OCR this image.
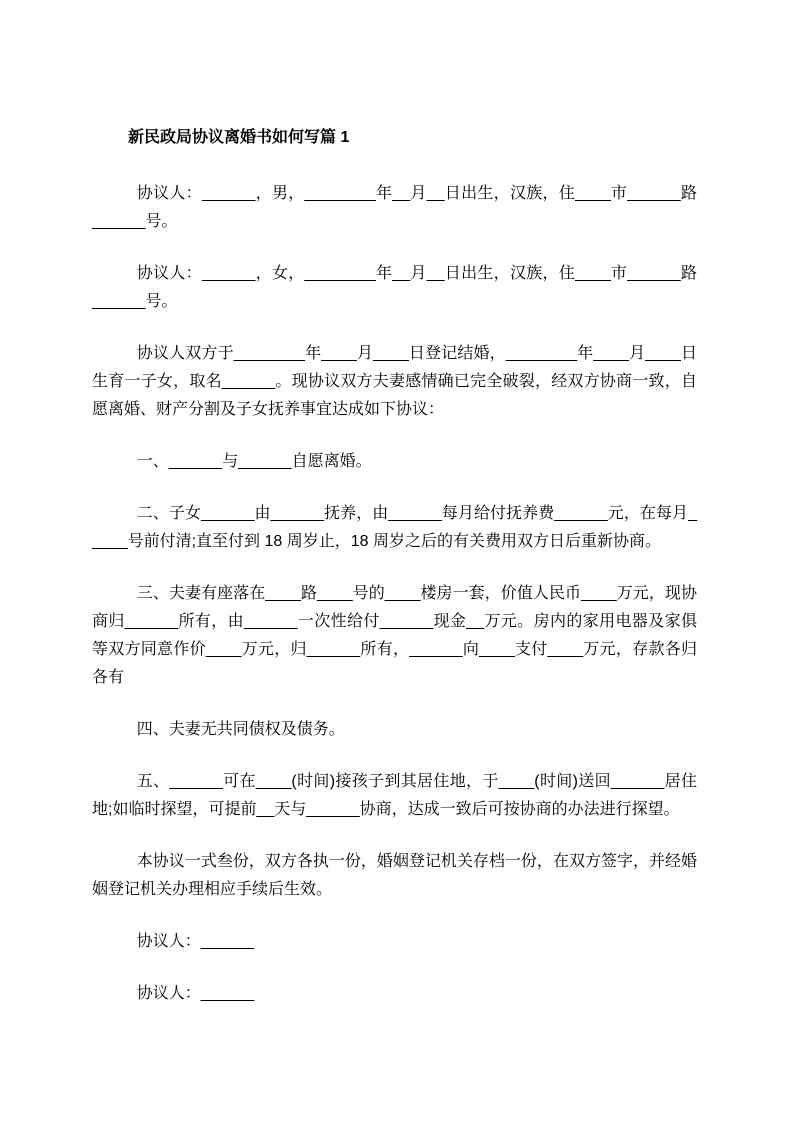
新民政局协议离婚书如何写篇 1

协议人：______，男，________年__月__日出生，汉族，住____市______路______号。

协议人：______，女，________年__月__日出生，汉族，住____市______路______号。

协议人双方于________年____月____日登记结婚，________年____月____日生育一子女，取名______。现协议双方夫妻感情确已完全破裂，经双方协商一致，自愿离婚、财产分割及子女抚养事宜达成如下协议：

一、______与______自愿离婚。

二、子女______由______抚养，由______每月给付抚养费______元，在每月_____号前付清;直至付到 18 周岁止，18 周岁之后的有关费用双方日后重新协商。

三、夫妻有座落在____路____号的____楼房一套，价值人民币____万元，现协商归______所有，由______一次性给付______现金__万元。房内的家用电器及家俱等双方同意作价____万元，归______所有，______向____支付____万元，存款各归各有

四、夫妻无共同债权及债务。

五、______可在____(时间)接孩子到其居住地，于____(时间)送回______居住地;如临时探望，可提前__天与______协商，达成一致后可按协商的办法进行探望。

本协议一式叁份，双方各执一份，婚姻登记机关存档一份，在双方签字，并经婚姻登记机关办理相应手续后生效。

协议人：______

协议人：______
